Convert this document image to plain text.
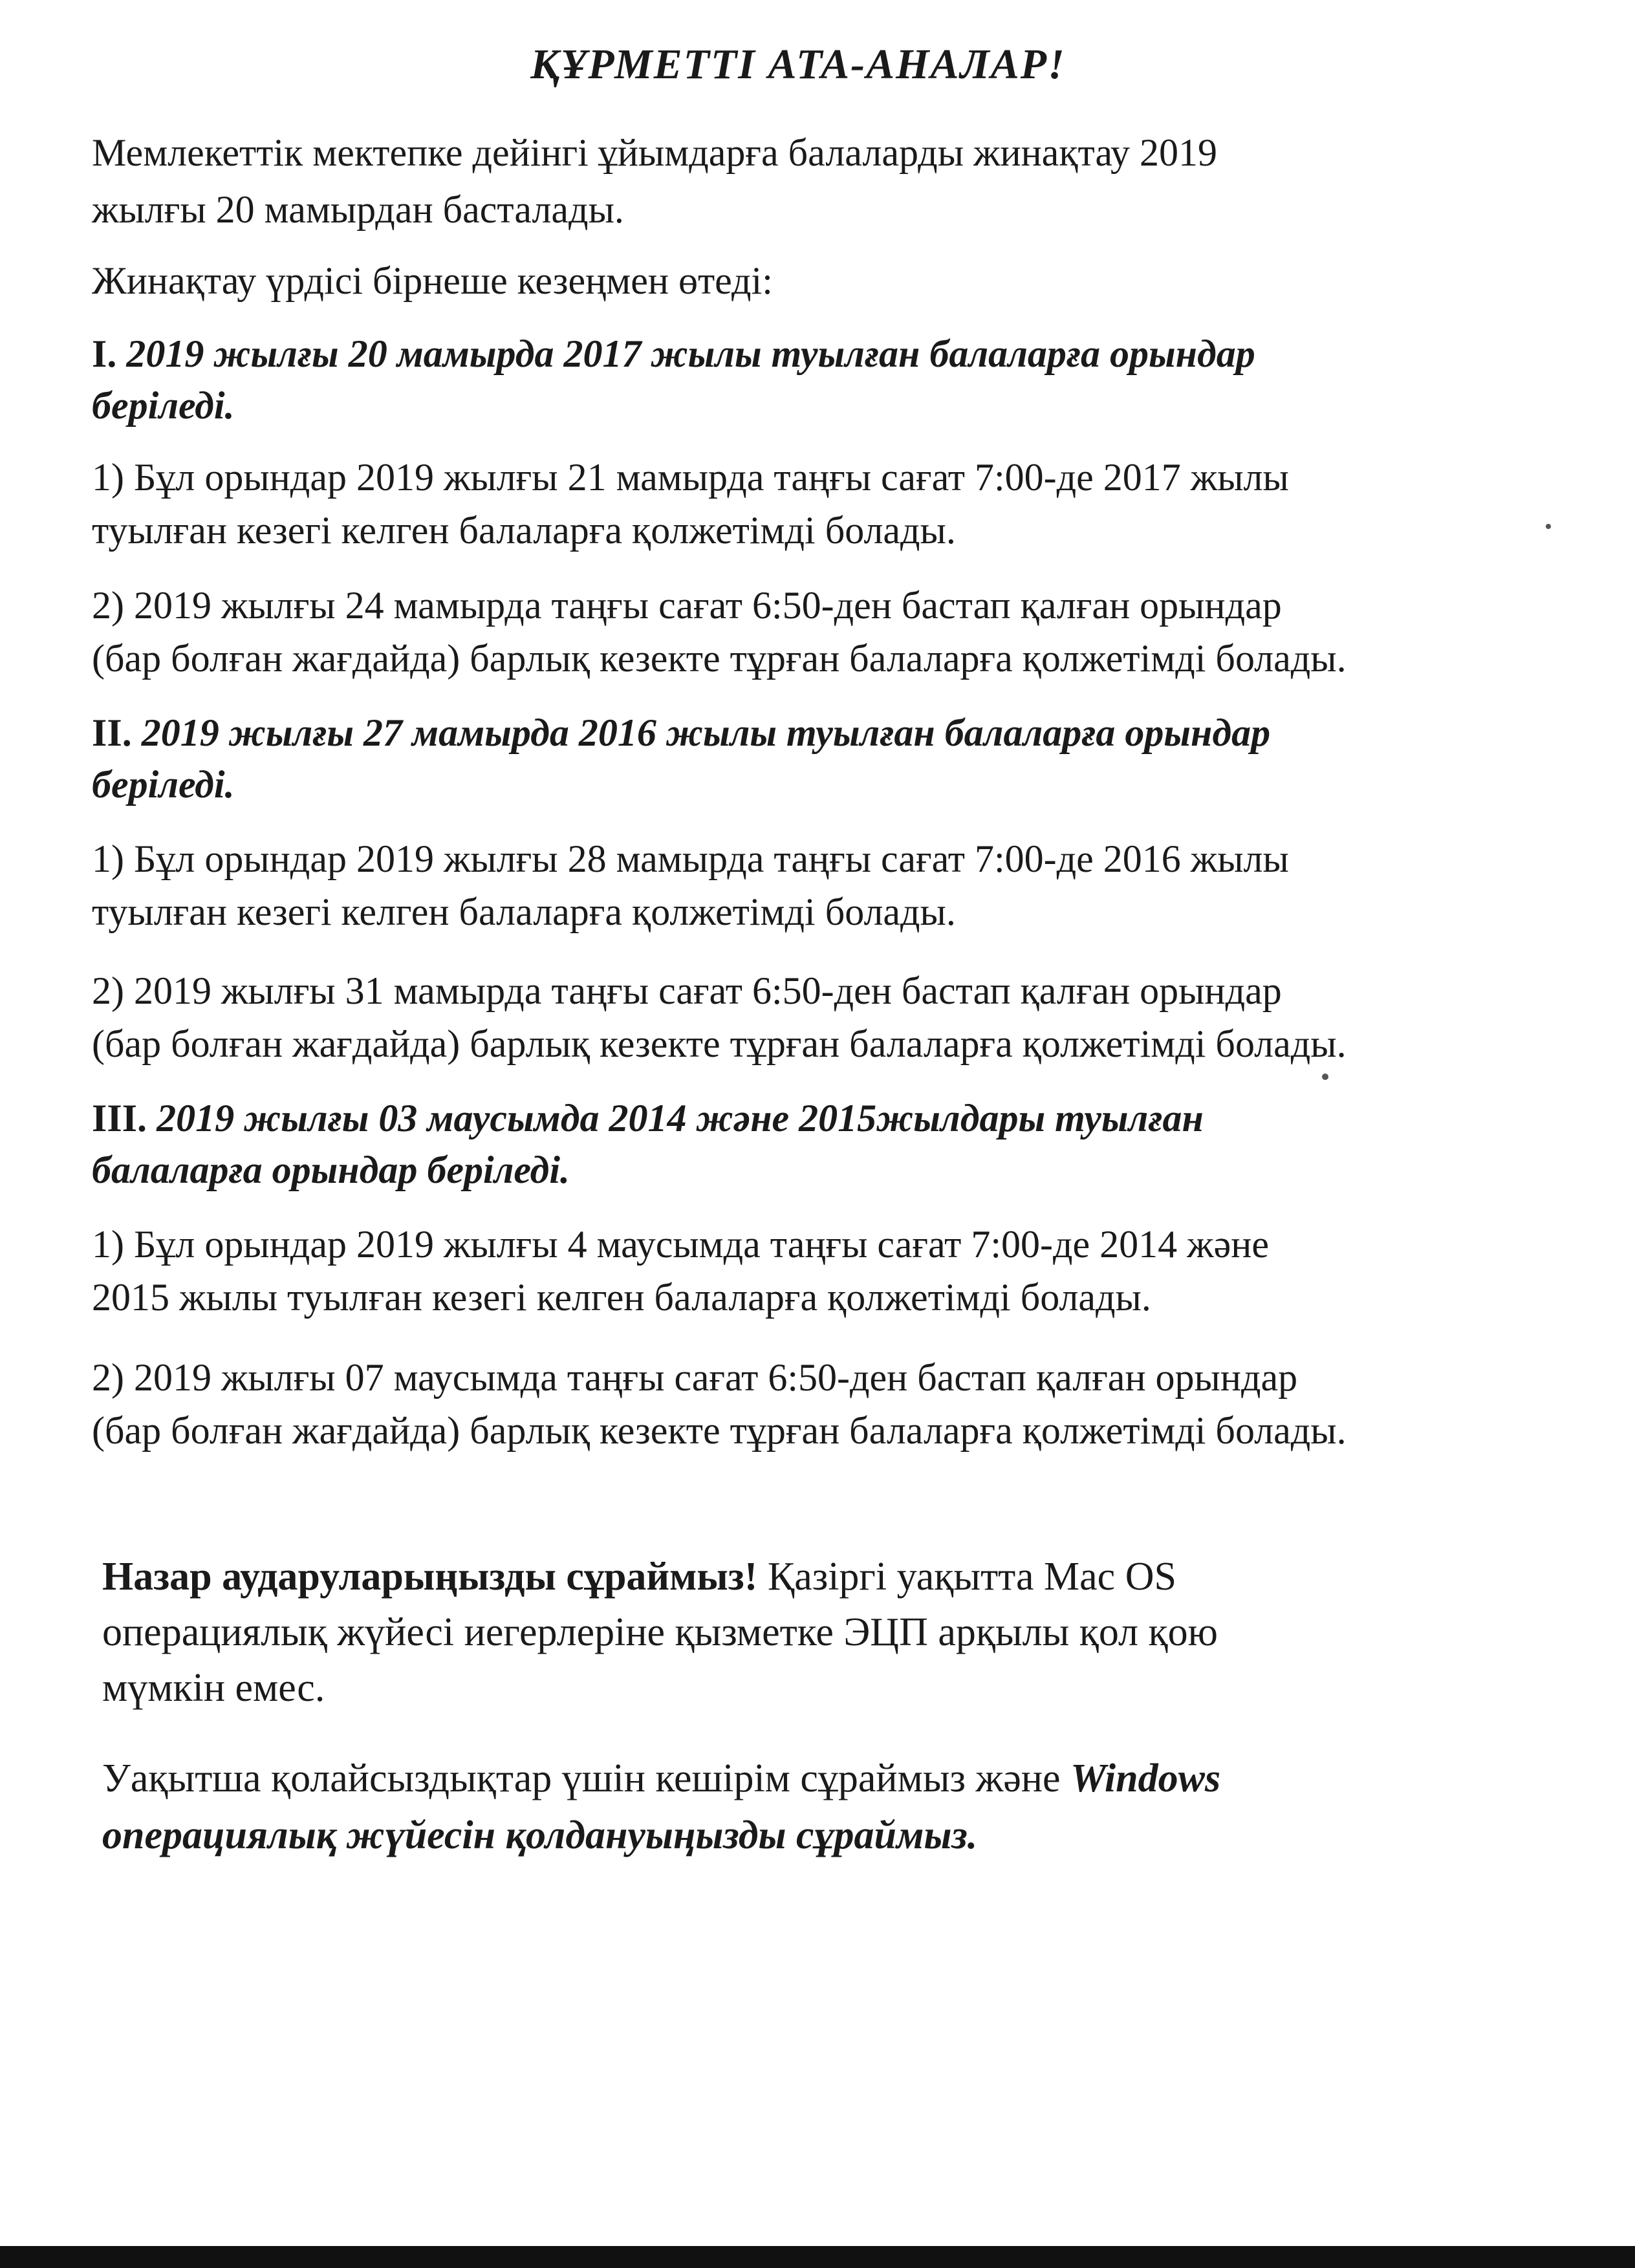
ҚҰРМЕТТІ АТА-АНАЛАР!
Мемлекеттік мектепке дейінгі ұйымдарға балаларды жинақтау 2019
жылғы 20 мамырдан басталады.
Жинақтау үрдісі бірнеше кезеңмен өтеді:
I. 2019 жылғы 20 мамырда 2017 жылы туылған балаларға орындар
беріледі.
1) Бұл орындар 2019 жылғы 21 мамырда таңғы сағат 7:00-де 2017 жылы
туылған кезегі келген балаларға қолжетімді болады.
2) 2019 жылғы 24 мамырда таңғы сағат 6:50-ден бастап қалған орындар
(бар болған жағдайда) барлық кезекте тұрған балаларға қолжетімді болады.
II. 2019 жылғы 27 мамырда 2016 жылы туылған балаларға орындар
беріледі.
1) Бұл орындар 2019 жылғы 28 мамырда таңғы сағат 7:00-де 2016 жылы
туылған кезегі келген балаларға қолжетімді болады.
2) 2019 жылғы 31 мамырда таңғы сағат 6:50-ден бастап қалған орындар
(бар болған жағдайда) барлық кезекте тұрған балаларға қолжетімді болады.
III. 2019 жылғы 03 маусымда 2014 және 2015жылдары туылған
балаларға орындар беріледі.
1) Бұл орындар 2019 жылғы 4 маусымда таңғы сағат 7:00-де 2014 және
2015 жылы туылған кезегі келген балаларға қолжетімді болады.
2) 2019 жылғы 07 маусымда таңғы сағат 6:50-ден бастап қалған орындар
(бар болған жағдайда) барлық кезекте тұрған балаларға қолжетімді болады.
Назар аударуларыңызды сұраймыз! Қазіргі уақытта Mac OS
операциялық жүйесі иегерлеріне қызметке ЭЦП арқылы қол қою
мүмкін емес.
Уақытша қолайсыздықтар үшін кешірім сұраймыз және Windows
операциялық жүйесін қолдануыңызды сұраймыз.
